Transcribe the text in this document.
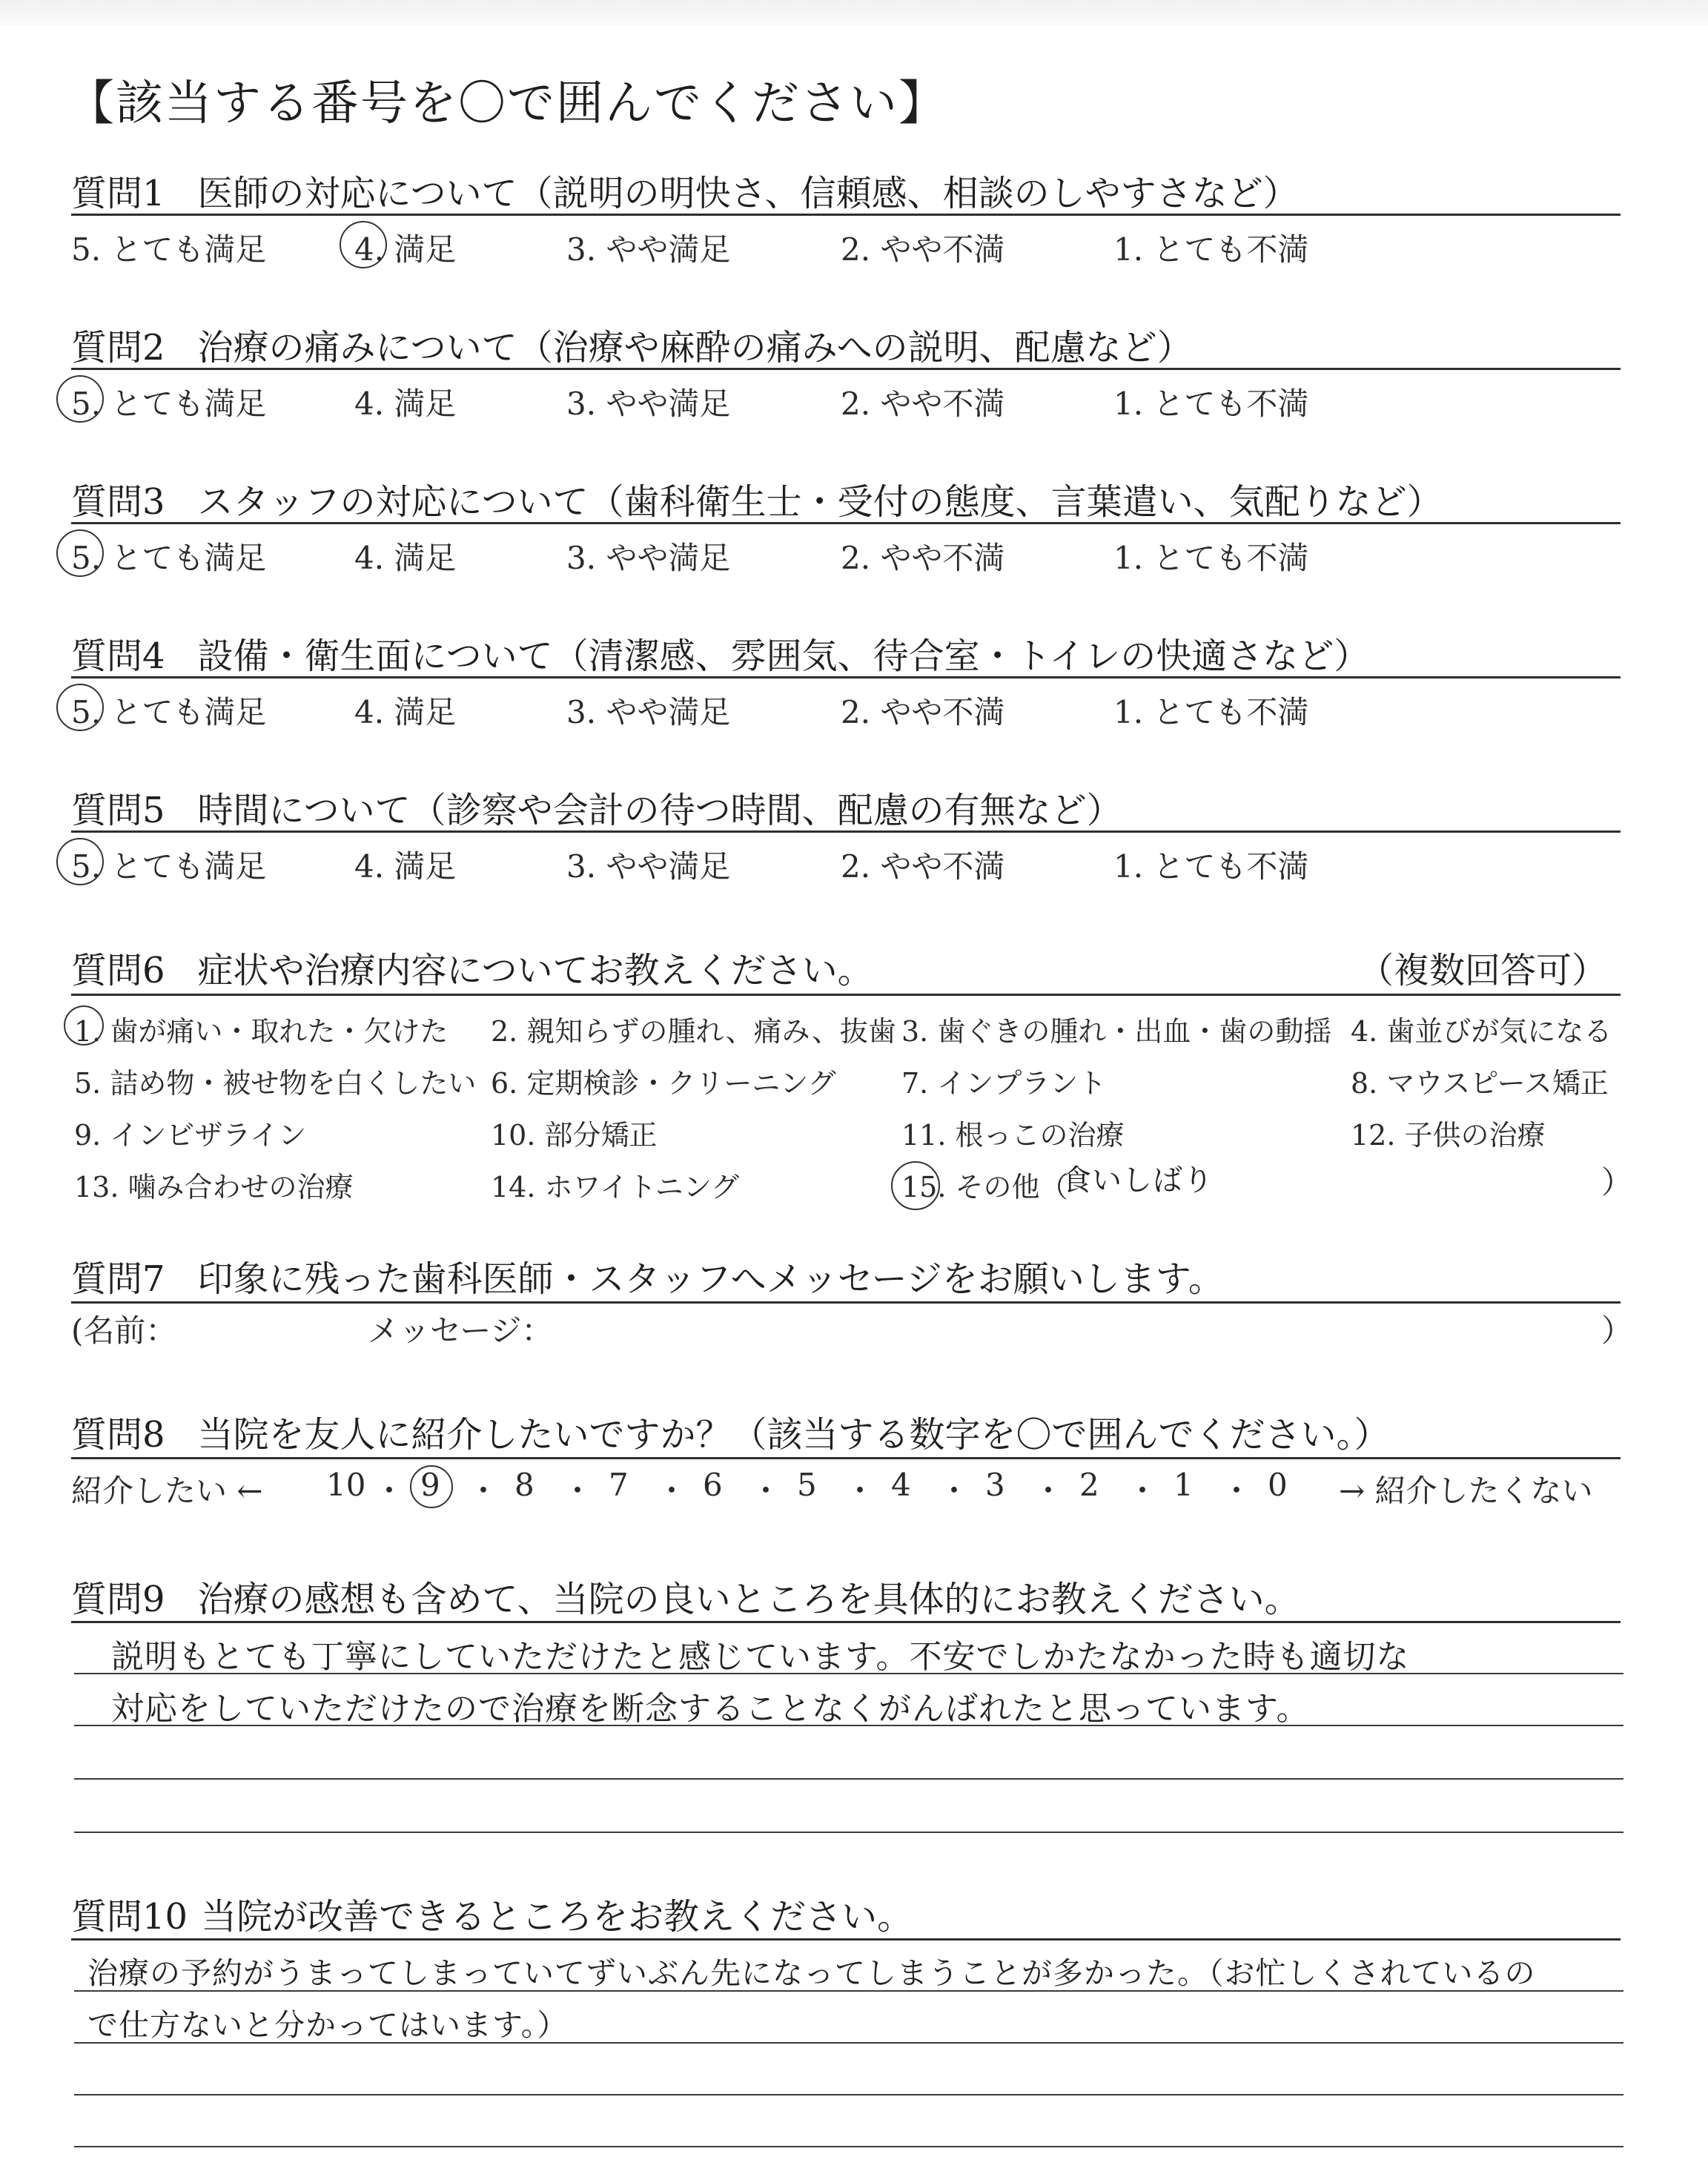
【該当する番号を〇で囲んでください】
質問1 医師の対応について（説明の明快さ、信頼感、相談のしやすさなど）
5. とても満足	4. 満足	3. やや満足	2. やや不満	1. とても不満
質問2 治療の痛みについて（治療や麻酔の痛みへの説明、配慮など）
5. とても満足	4. 満足	3. やや満足	2. やや不満	1. とても不満
質問3 スタッフの対応について（歯科衛生士・受付の態度、言葉遣い、気配りなど）
5. とても満足	4. 満足	3. やや満足	2. やや不満	1. とても不満
質問4 設備・衛生面について（清潔感、雰囲気、待合室・トイレの快適さなど）
5. とても満足	4. 満足	3. やや満足	2. やや不満	1. とても不満
質問5 時間について（診察や会計の待つ時間、配慮の有無など）
5. とても満足	4. 満足	3. やや満足	2. やや不満	1. とても不満
質問6 症状や治療内容についてお教えください。	（複数回答可）
1. 歯が痛い・取れた・欠けた 2. 親知らずの腫れ、痛み、抜歯 3. 歯ぐきの腫れ・出血・歯の動揺 4. 歯並びが気になる
5. 詰め物・被せ物を白くしたい 6. 定期検診・クリーニング 7. インプラント	8. マウスピース矯正
9. インビザライン	10. 部分矯正	11. 根っこの治療	12. 子供の治療
13. 噛み合わせの治療	14. ホワイトニング	15. その他（
食いしばり	）
質問7 印象に残った歯科医師・スタッフへメッセージをお願いします。
(名前：	メッセージ：	）
質問8 当院を友人に紹介したいですか？（該当する数字を〇で囲んでください。）
紹介したい ← 10 ・ 9 ・ 8 ・ 7 ・ 6 ・ 5 ・ 4 ・ 3 ・ 2 ・ 1 ・ 0 → 紹介したくない
質問9 治療の感想も含めて、当院の良いところを具体的にお教えください。
説明もとても丁寧にしていただけたと感じています。不安でしかたなかった時も適切な
対応をしていただけたので治療を断念することなくがんばれたと思っています。
質問10 当院が改善できるところをお教えください。
治療の予約がうまってしまっていてずいぶん先になってしまうことが多かった。（お忙しくされているの
で仕方ないと分かってはいます。）
